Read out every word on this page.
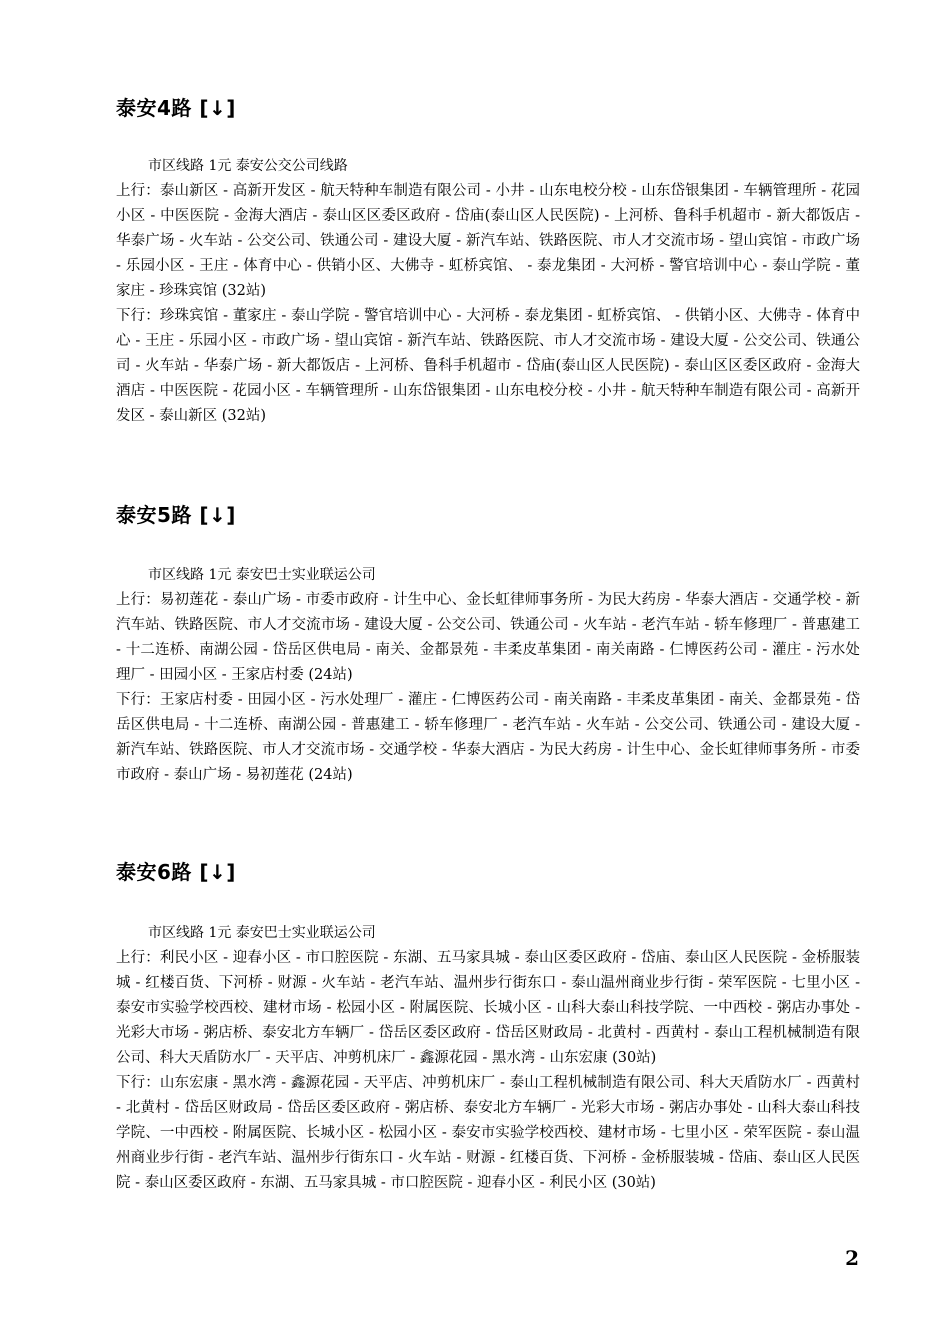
泰安4路 [↓]

市区线路 1元 泰安公交公司线路

上行：泰山新区 - 高新开发区 - 航天特种车制造有限公司 - 小井 - 山东电校分校 - 山东岱银集团 - 车辆管理所 - 花园小区 - 中医医院 - 金海大酒店 - 泰山区区委区政府 - 岱庙(泰山区人民医院) - 上河桥、鲁科手机超市 - 新大都饭店 - 华泰广场 - 火车站 - 公交公司、铁通公司 - 建设大厦 - 新汽车站、铁路医院、市人才交流市场 - 望山宾馆 - 市政广场 - 乐园小区 - 王庄 - 体育中心 - 供销小区、大佛寺 - 虹桥宾馆、 - 泰龙集团 - 大河桥 - 警官培训中心 - 泰山学院 - 董家庄 - 珍珠宾馆 (32站)

下行：珍珠宾馆 - 董家庄 - 泰山学院 - 警官培训中心 - 大河桥 - 泰龙集团 - 虹桥宾馆、 - 供销小区、大佛寺 - 体育中心 - 王庄 - 乐园小区 - 市政广场 - 望山宾馆 - 新汽车站、铁路医院、市人才交流市场 - 建设大厦 - 公交公司、铁通公司 - 火车站 - 华泰广场 - 新大都饭店 - 上河桥、鲁科手机超市 - 岱庙(泰山区人民医院) - 泰山区区委区政府 - 金海大酒店 - 中医医院 - 花园小区 - 车辆管理所 - 山东岱银集团 - 山东电校分校 - 小井 - 航天特种车制造有限公司 - 高新开发区 - 泰山新区 (32站)

泰安5路 [↓]

市区线路 1元 泰安巴士实业联运公司

上行：易初莲花 - 泰山广场 - 市委市政府 - 计生中心、金长虹律师事务所 - 为民大药房 - 华泰大酒店 - 交通学校 - 新汽车站、铁路医院、市人才交流市场 - 建设大厦 - 公交公司、铁通公司 - 火车站 - 老汽车站 - 轿车修理厂 - 普惠建工 - 十二连桥、南湖公园 - 岱岳区供电局 - 南关、金都景苑 - 丰柔皮革集团 - 南关南路 - 仁博医药公司 - 灌庄 - 污水处理厂 - 田园小区 - 王家店村委 (24站)

下行：王家店村委 - 田园小区 - 污水处理厂 - 灌庄 - 仁博医药公司 - 南关南路 - 丰柔皮革集团 - 南关、金都景苑 - 岱岳区供电局 - 十二连桥、南湖公园 - 普惠建工 - 轿车修理厂 - 老汽车站 - 火车站 - 公交公司、铁通公司 - 建设大厦 - 新汽车站、铁路医院、市人才交流市场 - 交通学校 - 华泰大酒店 - 为民大药房 - 计生中心、金长虹律师事务所 - 市委市政府 - 泰山广场 - 易初莲花 (24站)

泰安6路 [↓]

市区线路 1元 泰安巴士实业联运公司

上行：利民小区 - 迎春小区 - 市口腔医院 - 东湖、五马家具城 - 泰山区委区政府 - 岱庙、泰山区人民医院 - 金桥服装城 - 红楼百货、下河桥 - 财源 - 火车站 - 老汽车站、温州步行街东口 - 泰山温州商业步行街 - 荣军医院 - 七里小区 - 泰安市实验学校西校、建材市场 - 松园小区 - 附属医院、长城小区 - 山科大泰山科技学院、一中西校 - 粥店办事处 - 光彩大市场 - 粥店桥、泰安北方车辆厂 - 岱岳区委区政府 - 岱岳区财政局 - 北黄村 - 西黄村 - 泰山工程机械制造有限公司、科大天盾防水厂 - 天平店、冲剪机床厂 - 鑫源花园 - 黑水湾 - 山东宏康 (30站)

下行：山东宏康 - 黑水湾 - 鑫源花园 - 天平店、冲剪机床厂 - 泰山工程机械制造有限公司、科大天盾防水厂 - 西黄村 - 北黄村 - 岱岳区财政局 - 岱岳区委区政府 - 粥店桥、泰安北方车辆厂 - 光彩大市场 - 粥店办事处 - 山科大泰山科技学院、一中西校 - 附属医院、长城小区 - 松园小区 - 泰安市实验学校西校、建材市场 - 七里小区 - 荣军医院 - 泰山温州商业步行街 - 老汽车站、温州步行街东口 - 火车站 - 财源 - 红楼百货、下河桥 - 金桥服装城 - 岱庙、泰山区人民医院 - 泰山区委区政府 - 东湖、五马家具城 - 市口腔医院 - 迎春小区 - 利民小区 (30站)

2
